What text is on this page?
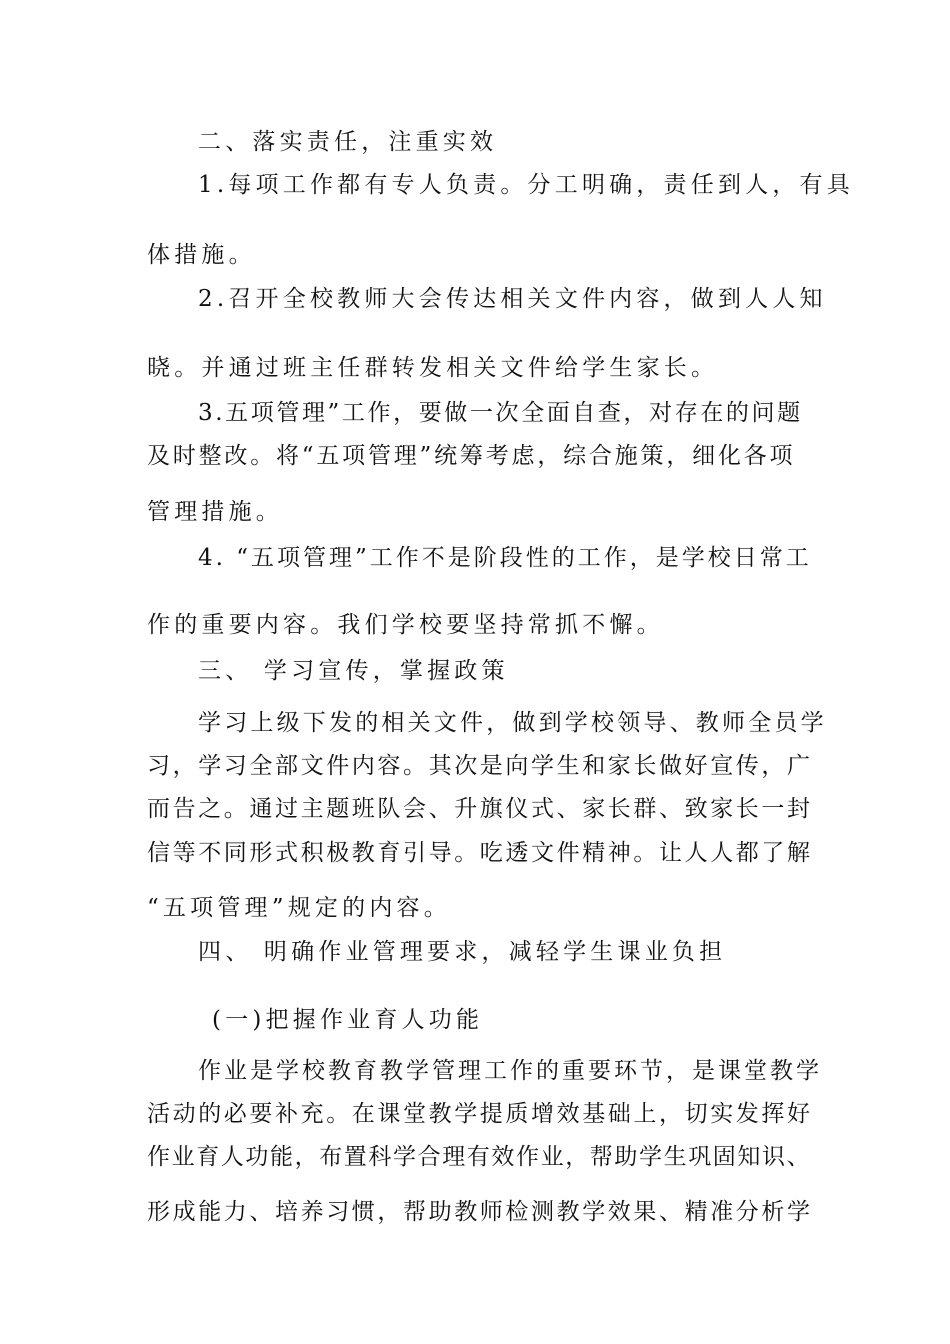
二、落实责任，注重实效
1.每项工作都有专人负责。分工明确，责任到人，有具
体措施。
2.召开全校教师大会传达相关文件内容，做到人人知
晓。并通过班主任群转发相关文件给学生家长。
3.五项管理”工作，要做一次全面自查，对存在的问题
及时整改。将“五项管理”统筹考虑，综合施策，细化各项
管理措施。
4. “五项管理”工作不是阶段性的工作，是学校日常工
作的重要内容。我们学校要坚持常抓不懈。
三、 学习宣传，掌握政策
学习上级下发的相关文件，做到学校领导、教师全员学
习，学习全部文件内容。其次是向学生和家长做好宣传，广
而告之。通过主题班队会、升旗仪式、家长群、致家长一封
信等不同形式积极教育引导。吃透文件精神。让人人都了解
“五项管理”规定的内容。
四、 明确作业管理要求，减轻学生课业负担
(一)把握作业育人功能
作业是学校教育教学管理工作的重要环节，是课堂教学
活动的必要补充。在课堂教学提质增效基础上，切实发挥好
作业育人功能，布置科学合理有效作业，帮助学生巩固知识、
形成能力、培养习惯，帮助教师检测教学效果、精准分析学
